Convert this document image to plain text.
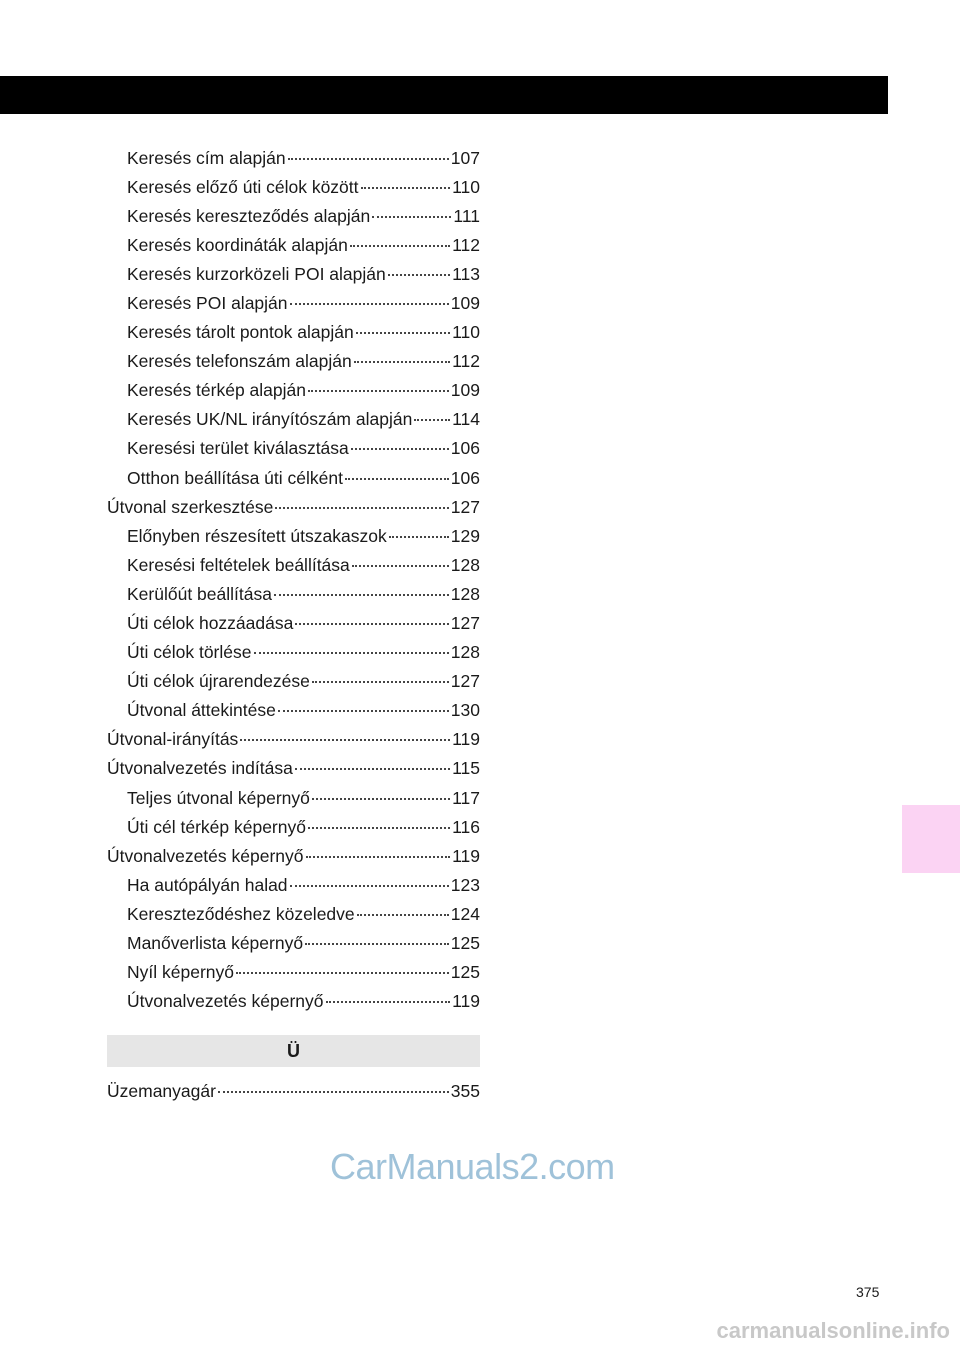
Keresés cím alapján	107
Keresés előző úti célok között	110
Keresés kereszteződés alapján	111
Keresés koordináták alapján	112
Keresés kurzorközeli POI alapján	113
Keresés POI alapján	109
Keresés tárolt pontok alapján	110
Keresés telefonszám alapján	112
Keresés térkép alapján	109
Keresés UK/NL irányítószám alapján 114
Keresési terület kiválasztása	106
Otthon beállítása úti célként	106
Útvonal szerkesztése	127
Előnyben részesített útszakaszok	129
Keresési feltételek beállítása	128
Kerülőút beállítása	128
Úti célok hozzáadása	127
Úti célok törlése	128
Úti célok újrarendezése	127
Útvonal áttekintése	130
Útvonal-irányítás	119
Útvonalvezetés indítása	115
Teljes útvonal képernyő	117
Úti cél térkép képernyő	116
Útvonalvezetés képernyő	119
Ha autópályán halad	123
Kereszteződéshez közeledve	124
Manőverlista képernyő	125
Nyíl képernyő	125
Útvonalvezetés képernyő	119
Ü
Üzemanyagár	355
CarManuals2.com
375
carmanualsonline.info
